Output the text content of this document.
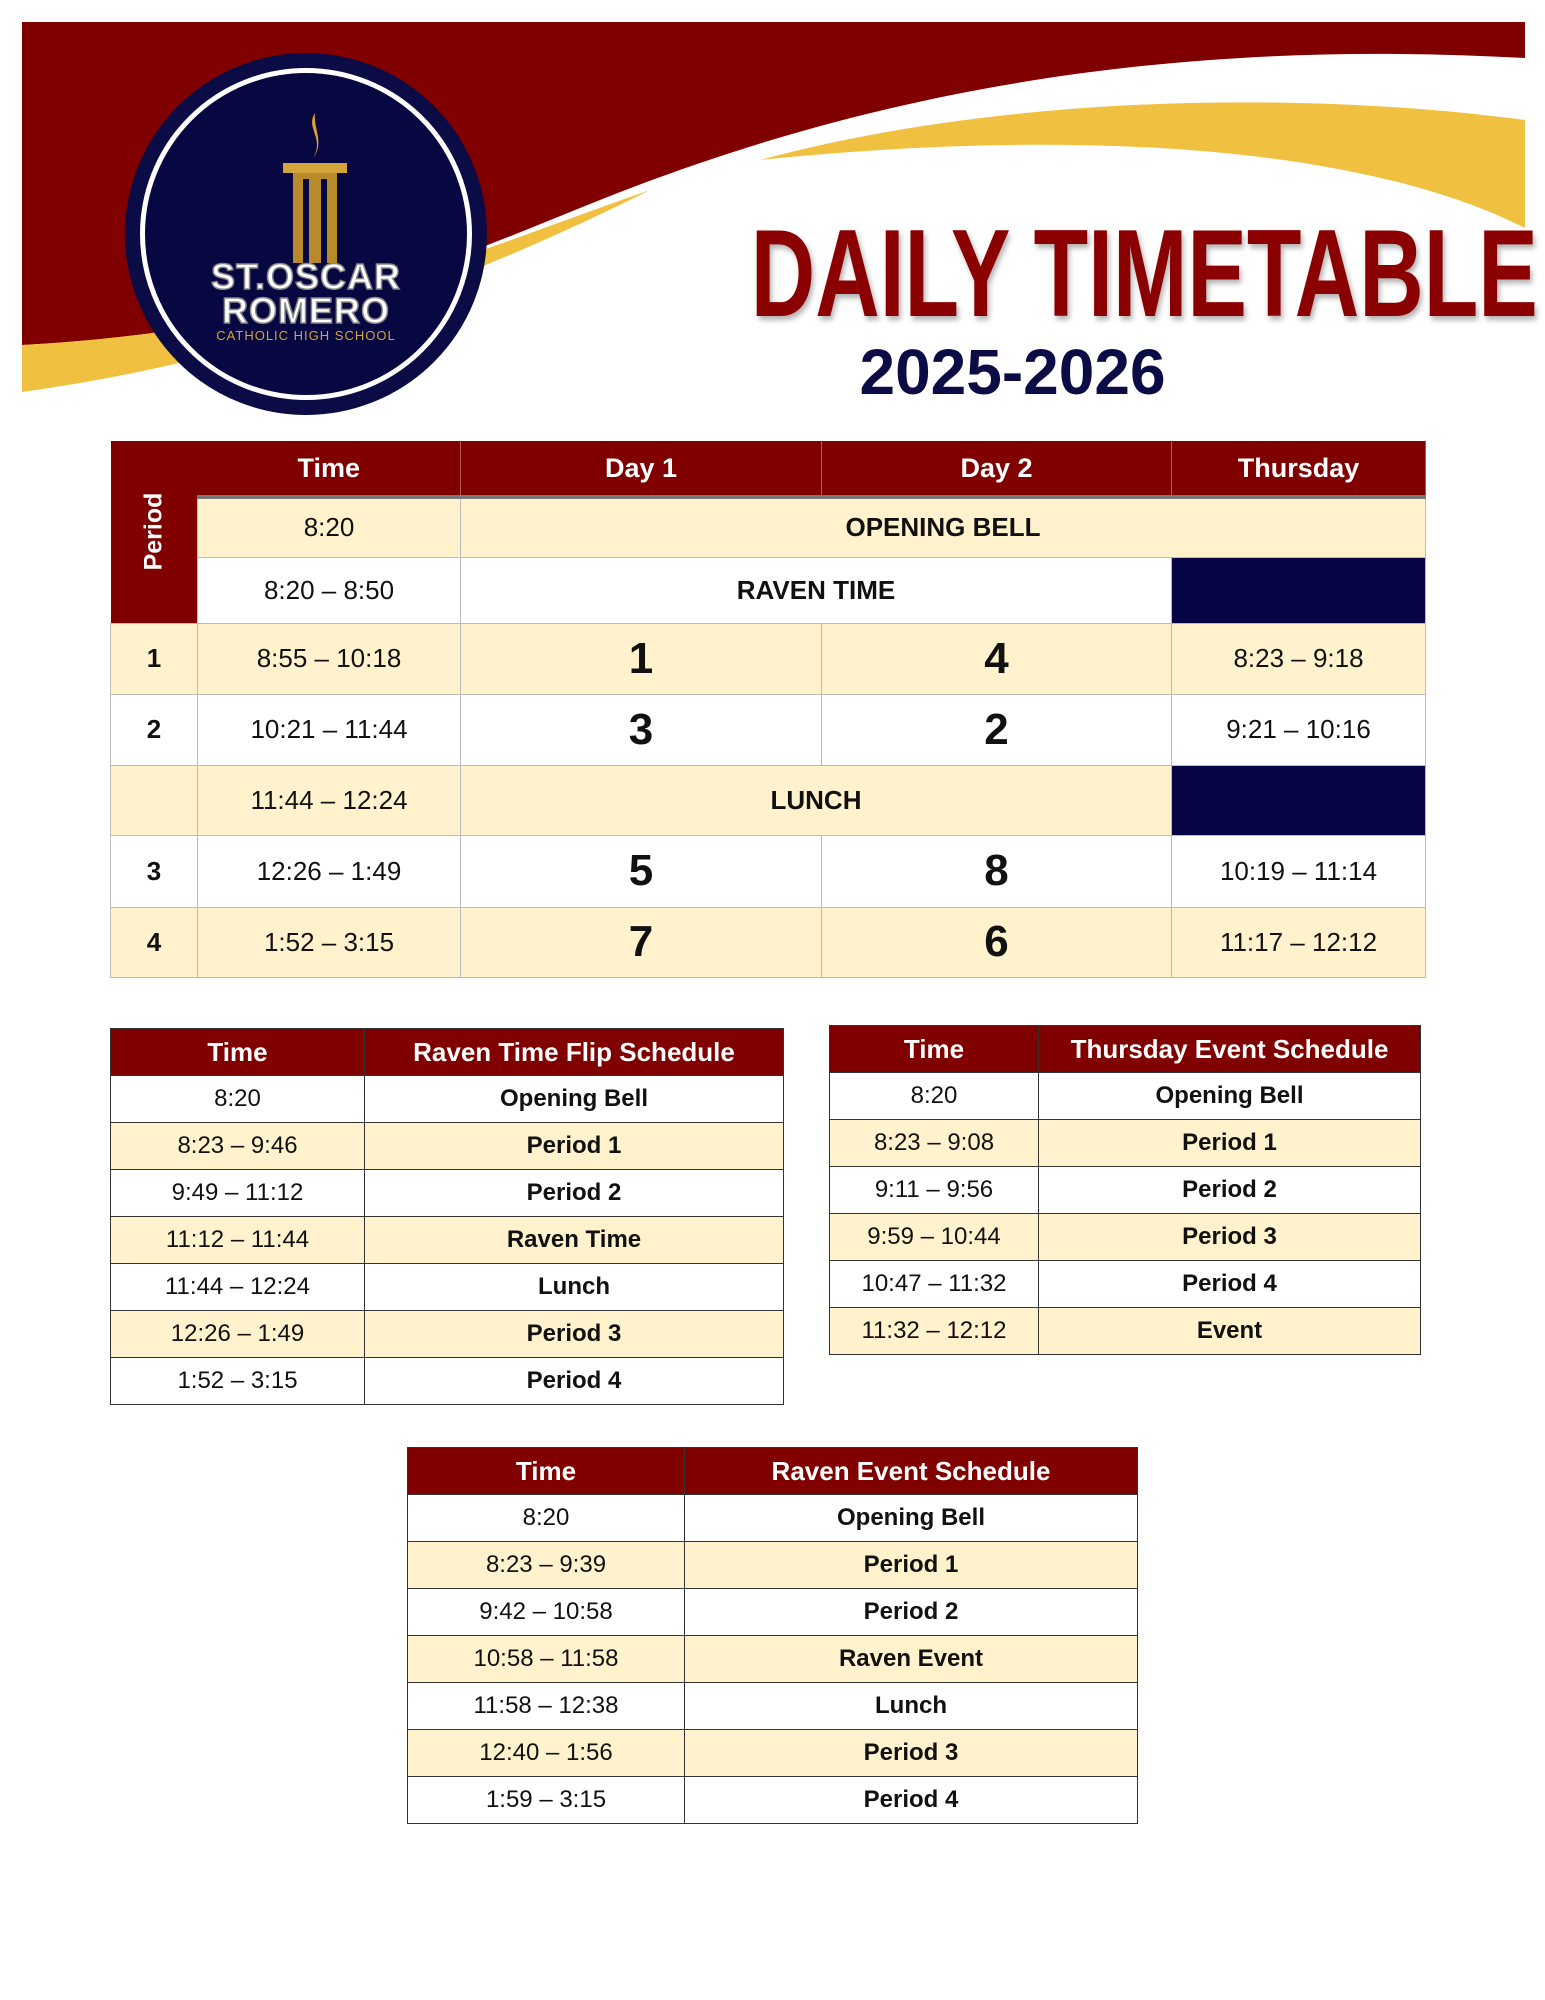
ST.OSCAR
ROMERO
CATHOLIC HIGH SCHOOL	DAILY TIMETABLE
2025-2026
Period	Time	Day 1	Day 2	Thursday
	8:20	OPENING BELL		
	8:20 – 8:50	RAVEN TIME		
1	8:55 – 10:18	1	4	8:23 – 9:18
2	10:21 – 11:44	3	2	9:21 – 10:16
	11:44 – 12:24	LUNCH		
3	12:26 – 1:49	5	8	10:19 – 11:14
4	1:52 – 3:15	7	6	11:17 – 12:12
Time	Raven Time Flip Schedule
8:20	Opening Bell
8:23 – 9:46	Period 1
9:49 – 11:12	Period 2
11:12 – 11:44	Raven Time
11:44 – 12:24	Lunch
12:26 – 1:49	Period 3
1:52 – 3:15	Period 4
Time	Thursday Event Schedule
8:20	Opening Bell
8:23 – 9:08	Period 1
9:11 – 9:56	Period 2
9:59 – 10:44	Period 3
10:47 – 11:32	Period 4
11:32 – 12:12	Event
Time	Raven Event Schedule
8:20	Opening Bell
8:23 – 9:39	Period 1
9:42 – 10:58	Period 2
10:58 – 11:58	Raven Event
11:58 – 12:38	Lunch
12:40 – 1:56	Period 3
1:59 – 3:15	Period 4
